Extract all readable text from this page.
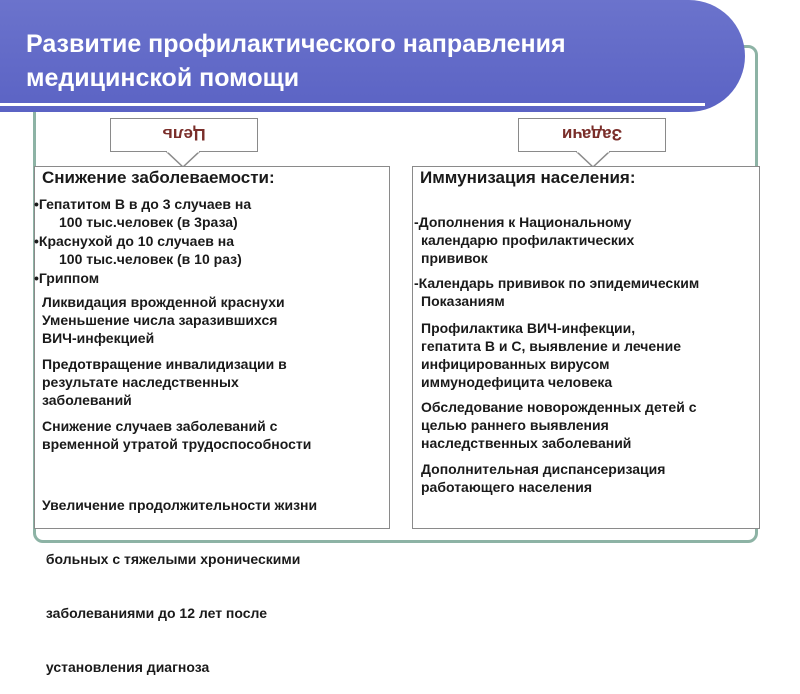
Развитие профилактического направления
медицинской помощи
Цель	Задачи
Снижение заболеваемости:
•Гепатитом В в до 3 случаев на
100 тыс.человек (в 3раза)
•Краснухой до 10 случаев на
100 тыс.человек (в 10 раз)
•Гриппом
Ликвидация врожденной краснухи
Уменьшение числа заразившихся
ВИЧ-инфекцией
Предотвращение инвалидизации в
результате наследственных
заболеваний
Снижение случаев заболеваний с
временной утратой трудоспособности

Увеличение продолжительности жизни

больных с тяжелыми хроническими

заболеваниями до 12 лет после

установления диагноза

Иммунизация населения:
-Дополнения к Национальному
календарю профилактических
прививок
-Календарь прививок по эпидемическим
Показаниям
Профилактика ВИЧ-инфекции,
гепатита В и С, выявление и лечение
инфицированных вирусом
иммунодефицита человека
Обследование новорожденных детей с
целью раннего выявления
наследственных заболеваний
Дополнительная диспансеризация
работающего населения
